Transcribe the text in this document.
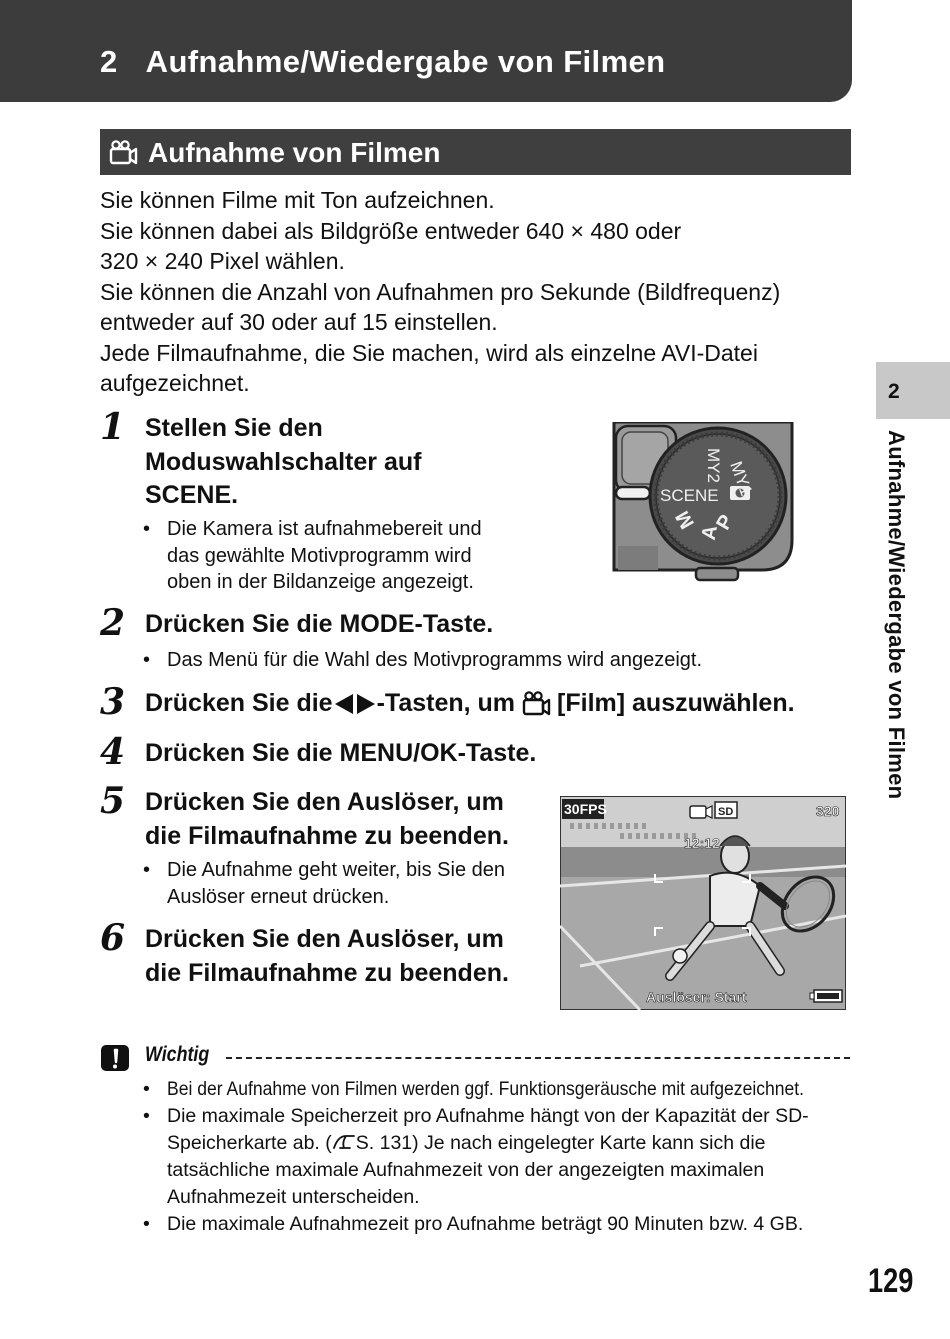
2 Aufnahme/Wiedergabe von Filmen
Aufnahme von Filmen

Sie können Filme mit Ton aufzeichnen.

Sie können dabei als Bildgröße entweder 640 × 480 oder

320 × 240 Pixel wählen.

Sie können die Anzahl von Aufnahmen pro Sekunde (Bildfrequenz)

entweder auf 30 oder auf 15 einstellen.

Jede Filmaufnahme, die Sie machen, wird als einzelne AVI-Datei

aufgezeichnet.

1 Stellen Sie den
Moduswahlschalter auf
SCENE.
• Die Kamera ist aufnahmebereit und
das gewählte Motivprogramm wird
oben in der Bildanzeige angezeigt.
SCENE MY1
MY2
P
A
M
2 Drücken Sie die MODE-Taste.
• Das Menü für die Wahl des Motivprogramms wird angezeigt.
3 Drücken Sie die -Tasten, um [Film] auszuwählen.
4 Drücken Sie die MENU/OK-Taste.
5 Drücken Sie den Auslöser, um
die Filmaufnahme zu beenden.
• Die Aufnahme geht weiter, bis Sie den
Auslöser erneut drücken.
6 Drücken Sie den Auslöser, um
die Filmaufnahme zu beenden.
30FPS	SD	320
12:12
Auslöser: Start
Wichtig
• Bei der Aufnahme von Filmen werden ggf. Funktionsgeräusche mit aufgezeichnet.
• Die maximale Speicherzeit pro Aufnahme hängt von der Kapazität der SD-
Speicherkarte ab. ( S. 131) Je nach eingelegter Karte kann sich die
tatsächliche maximale Aufnahmezeit von der angezeigten maximalen
Aufnahmezeit unterscheiden.
• Die maximale Aufnahmezeit pro Aufnahme beträgt 90 Minuten bzw. 4 GB.
2
Aufnahme/Wiedergabe von Filmen
129
